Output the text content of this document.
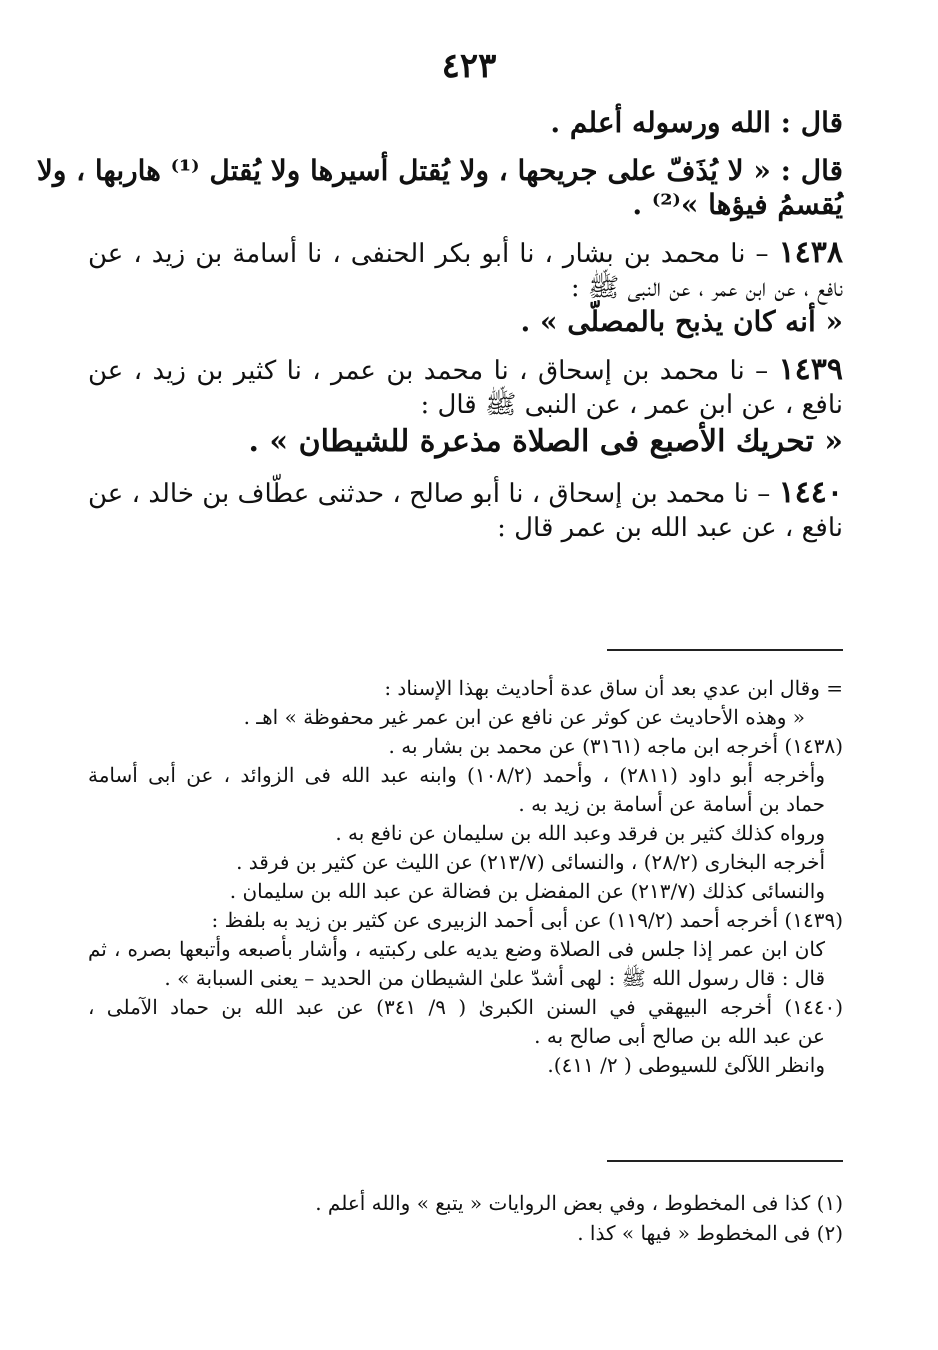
٤٢٣

قال : الله ورسوله أعلم .

قال : « لا يُذَفّ على جريحها ، ولا يُقتل أسيرها ولا يُقتل ⁽¹⁾ هاربها ، ولا

يُقسمُ فيؤها »⁽²⁾ .

١٤٣٨ – نا محمد بن بشار ، نا أبو بكر الحنفى ، نا أسامة بن زيد ، عن

نافع ، عن ابن عمر ، عن النبى ﷺ :

« أنه كان يذبح بالمصلّى » .

١٤٣٩ – نا محمد بن إسحاق ، نا محمد بن عمر ، نا كثير بن زيد ، عن

نافع ، عن ابن عمر ، عن النبى ﷺ قال :

« تحريك الأصبع فى الصلاة مذعرة للشيطان » .

١٤٤٠ – نا محمد بن إسحاق ، نا أبو صالح ، حدثنى عطّاف بن خالد ، عن

نافع ، عن عبد الله بن عمر قال :

= وقال ابن عدي بعد أن ساق عدة أحاديث بهذا الإسناد :

« وهذه الأحاديث عن كوثر عن نافع عن ابن عمر غير محفوظة » اهـ .

(١٤٣٨) أخرجه ابن ماجه (٣١٦١) عن محمد بن بشار به .

وأخرجه أبو داود (٢٨١١) ، وأحمد (١٠٨/٢) وابنه عبد الله فى الزوائد ، عن أبى أسامة

حماد بن أسامة عن أسامة بن زيد به .

ورواه كذلك كثير بن فرقد وعبد الله بن سليمان عن نافع به .

أخرجه البخارى (٢٨/٢) ، والنسائى (٢١٣/٧) عن الليث عن كثير بن فرقد .

والنسائى كذلك (٢١٣/٧) عن المفضل بن فضالة عن عبد الله بن سليمان .

(١٤٣٩) أخرجه أحمد (١١٩/٢) عن أبى أحمد الزبيرى عن كثير بن زيد به بلفظ :

كان ابن عمر إذا جلس فى الصلاة وضع يديه على ركبتيه ، وأشار بأصبعه وأتبعها بصره ، ثم

قال : قال رسول الله ﷺ : لهى أشدّ علىٰ الشيطان من الحديد – يعنى السبابة » .

(١٤٤٠) أخرجه البيهقي في السنن الكبرىٰ ( ٩/ ٣٤١) عن عبد الله بن حماد الآملى ،

عن عبد الله بن صالح أبى صالح به .

وانظر اللآلئ للسيوطى ( ٢/ ٤١١).

(١) كذا فى المخطوط ، وفي بعض الروايات « يتبع » والله أعلم .

(٢) فى المخطوط « فيها » كذا .
